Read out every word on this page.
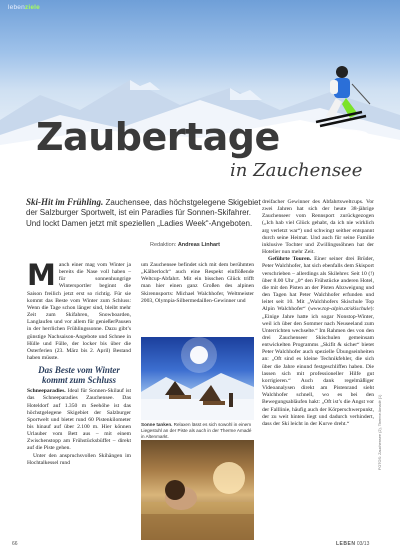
lebenziele
Zaubertage
in Zauchensee
Ski-Hit im Frühling. Zauchensee, das höchstgelegene Skigebiet der Salzburger Sportwelt, ist ein Paradies für Sonnen-Skifahrer. Und lockt Damen jetzt mit speziellen „Ladies Week“-Angeboten.
Redaktion: Andreas Linhart

Manch einer mag vom Winter ja bereits die Nase voll haben – für sonnenhungrige Wintersportler beginnt die Saison freilich jetzt erst so richtig. Für sie kommt das Beste vom Winter zum Schluss: Wenn die Tage schon länger sind, bleibt mehr Zeit zum Skifahren, Snowboarden, Langlaufen und vor allem für genießerPausen in der herrlichen Frühlingssonne. Dazu gibt’s günstige Nachsaison-Angebote und Schnee in Hülle und Fülle, der locker bis über die Osterferien (23. März bis 2. April) Bestand haben müsste.

Das Beste vom Winter kommt zum Schluss

Schneeparadies. Ideal für Sonnen-Skilauf ist das Schneeparadies Zauchensee. Das Hoteldorf auf 1.350 m Seehöhe ist das höchstgelegene Skigebiet der Salzburger Sportwelt und bietet rund 60 Pistenkilometer bis hinauf auf über 2.100 m. Hier können Urlauber vom Bett aus – mit einem Zwischenstopp am Frühstücksbüffet – direkt auf die Piste gehen.

Unter den anspruchsvollen Skihängen im Hochtalkessel rund

um Zauchensee befindet sich mit dem berühmten „Kälberloch“ auch eine Respekt einflößende Weltcup-Abfahrt. Mit ein bisschen Glück trifft man hier einen ganz Großen des alpinen Skirennsports: Michael Walchhofer, Weltmeister 2003, Olympia-Silbermedaillen-Gewinner und

Sonne tanken. Relaxen lässt es sich sowohl in einem Liegestuhl an der Piste als auch in der Therme Amadé in Altenmarkt.

dreifacher Gewinner des Abfahrtsweltcups. Vor zwei Jahren hat sich der heute 38-jährige Zauchenseer vom Rennsport zurückgezogen („Ich hab viel Glück gehabt, da ich nie wirklich arg verletzt war“) und schwingt seither entspannt durch seine Heimat. Und auch für seine Familie inklusive Tochter und Zwillingssöhnen hat der Hotelier nun mehr Zeit.

Geführte Touren. Einer seiner drei Brüder, Peter Walchhofer, hat sich ebenfalls dem Skisport verschrieben – allerdings als Skilehrer. Seit 10 (!) über 8.00 Uhr „0“ den Frühstücke anderen Hotel, die mit den Pisten an der Pisten Abzweigung und den Tagen hat Peter Walchhofer erfunden und leitet seit 10. Mit „Walchhofers Skischule Top Alpin Walchhofer“ (www.top-alpin.at/skischule): „Einige Jahre hatte ich sogar Nonstop-Winter, weil ich über den Sommer nach Neuseeland zum Unterrichten wechselte.“ Im Rahmen des von den drei Zauchenseer Skischulen gemeinsam entwickelten Programms „Skifit & sicher“ bietet Peter Walchhofer auch spezielle Übungseinheiten an: „Oft sind es kleine Technikfehler, die sich über die Jahre einund festgeschliffen haben. Die lassen sich mit professioneller Hilfe gut korrigieren.“ Auch dank regelmäßiger Videoanalysen direkt am Pistenrand sieht Walchhofer schnell, wo es bei den Bewegungsabläufen hakt: „Oft ist’s die Angst vor der Falllinie, häufig auch der Körperschwerpunkt, der zu weit hinten liegt und dadurch verhindert, dass der Ski leicht in der Kurve dreht.“	FOTOS: Zauchensee (2), Therme Amadé (1)
66	LEBEN 03/13
